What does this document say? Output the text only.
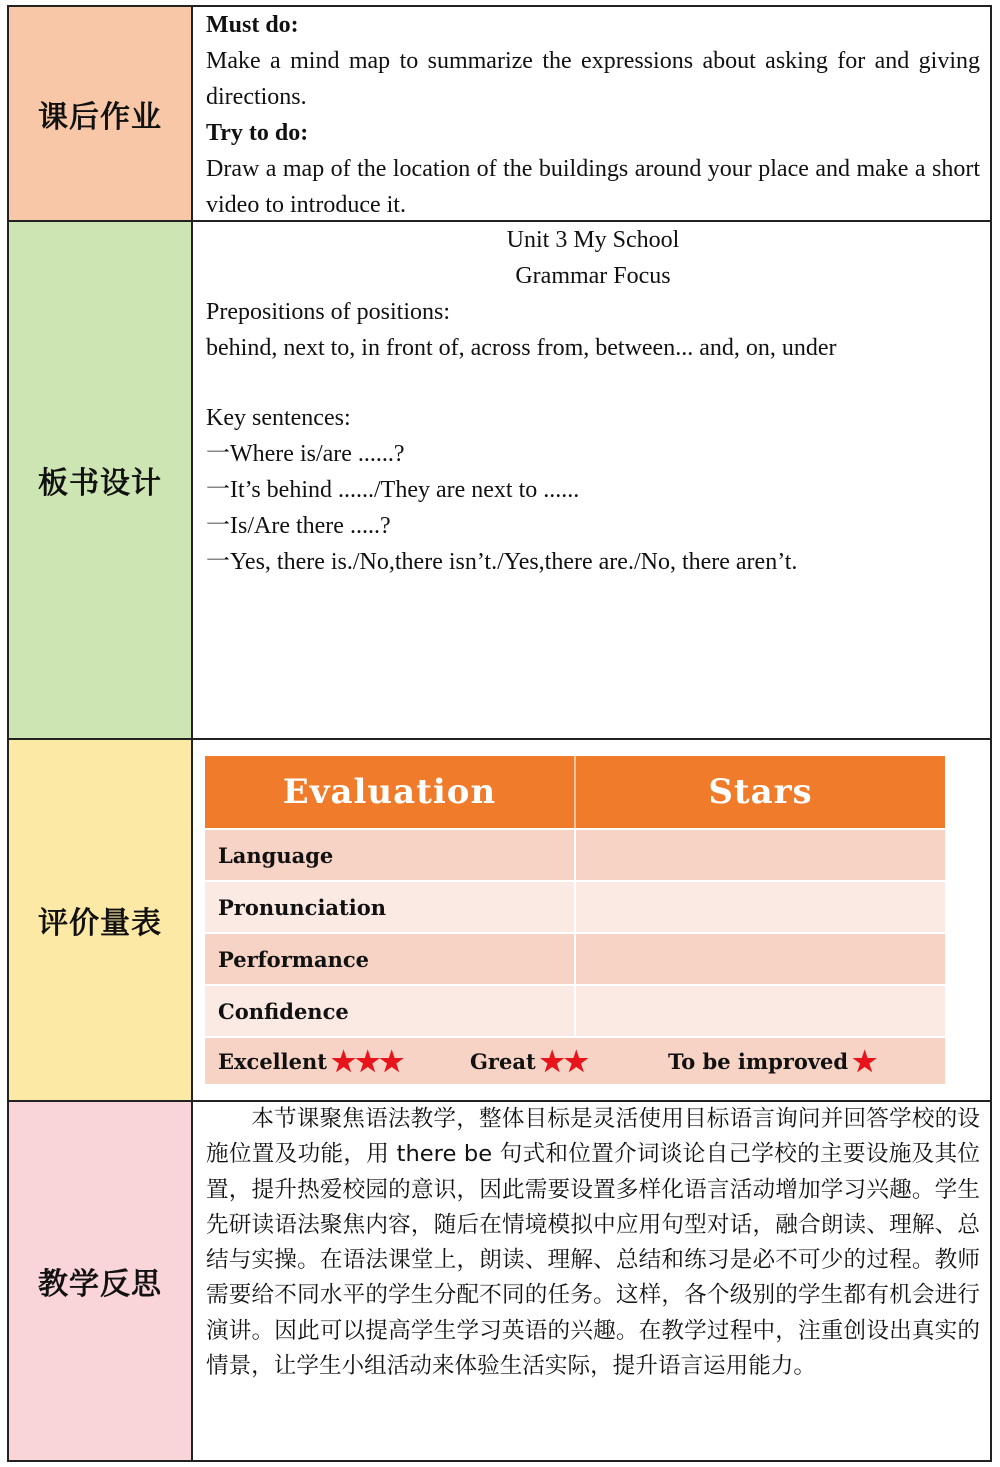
课后作业

Must do:

Make a mind map to summarize the expressions about asking for and giving directions.

Try to do:

Draw a map of the location of the buildings around your place and make a short video to introduce it.

板书设计
Unit 3 My School
Grammar Focus
Prepositions of positions:
behind, next to, in front of, across from, between... and, on, under
Key sentences:
一Where is/are ......?
一It’s behind ....../They are next to ......
一Is/Are there .....?
一Yes, there is./No,there isn’t./Yes,there are./No, there aren’t.
评价量表
Evaluation	Stars
Language
Pronunciation
Performance
Confidence
Excellent ★★★	Great ★★	To be improved ★
教学反思

本节课聚焦语法教学，整体目标是灵活使用目标语言询问并回答学校的设施位置及功能，用 there be 句式和位置介词谈论自己学校的主要设施及其位置，提升热爱校园的意识，因此需要设置多样化语言活动增加学习兴趣。学生先研读语法聚焦内容，随后在情境模拟中应用句型对话，融合朗读、理解、总结与实操。在语法课堂上，朗读、理解、总结和练习是必不可少的过程。教师需要给不同水平的学生分配不同的任务。这样，各个级别的学生都有机会进行演讲。因此可以提高学生学习英语的兴趣。在教学过程中，注重创设出真实的情景，让学生小组活动来体验生活实际，提升语言运用能力。
